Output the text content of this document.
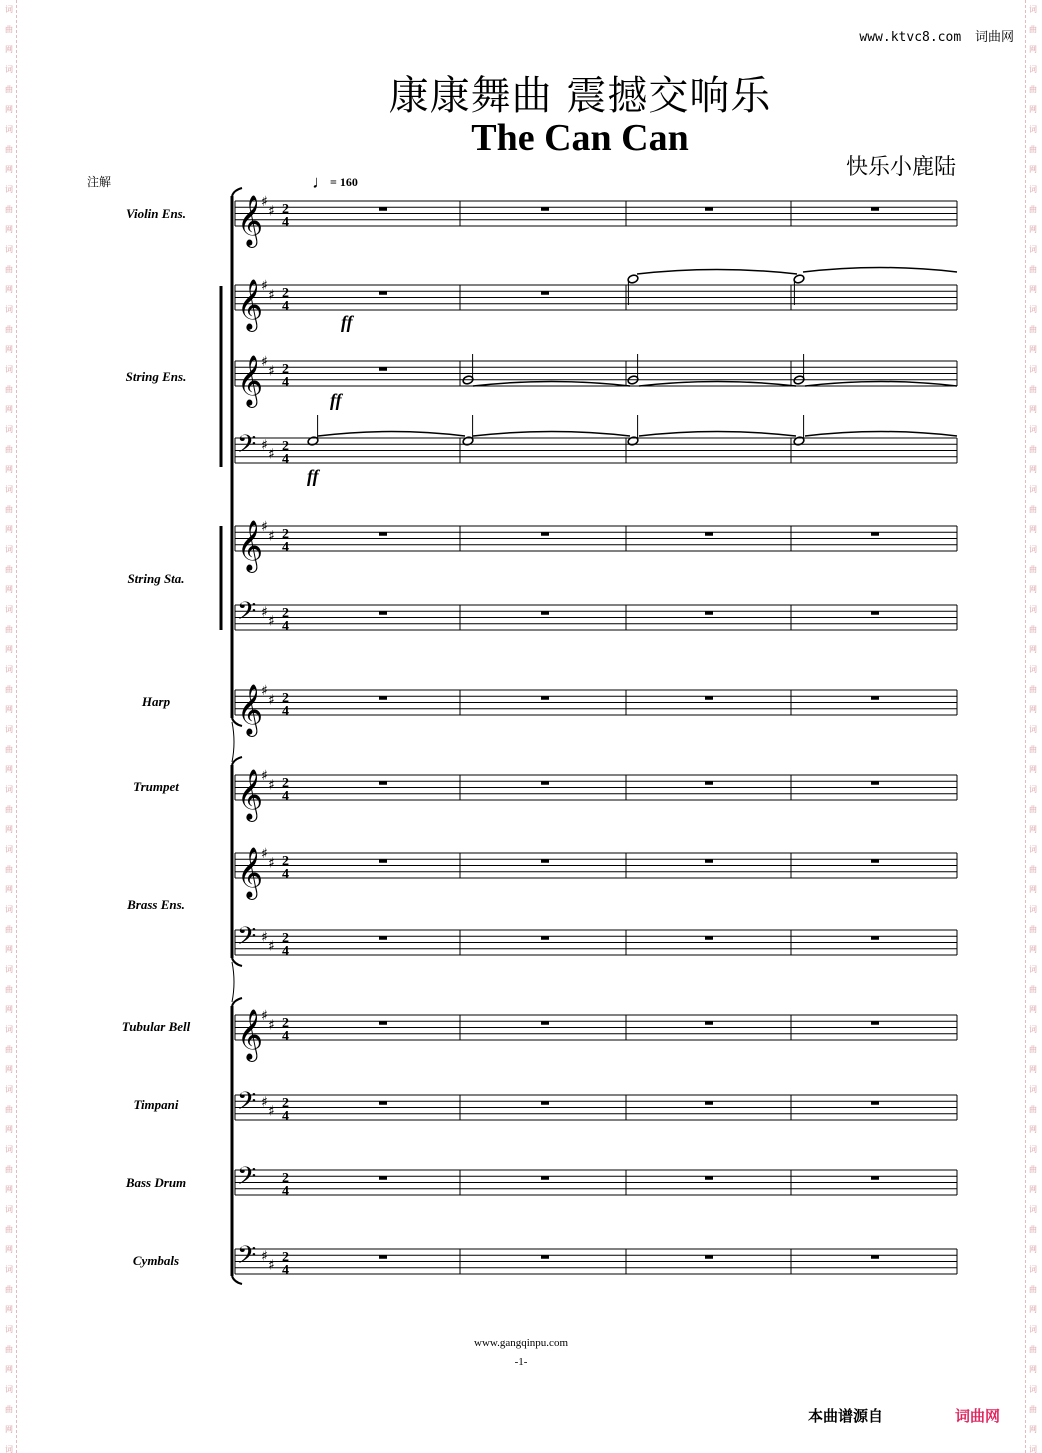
词
曲
网
词
曲
网
词
曲
网
词
曲
网
词
曲
网
词
曲
网
词
曲
网
词
曲
网
词
曲
网
词
曲
网
词
曲
网
词
曲
网
词
曲
网
词
曲
网
词
曲
网
词
曲
网
词
曲
网
词
曲
网
词
曲
网
词
曲
网
词
曲
网
词
曲
网
词
曲
网
词
曲
网
词
词
曲
网
词
曲
网
词
曲
网
词
曲
网
词
曲
网
词
曲
网
词
曲
网
词
曲
网
词
曲
网
词
曲
网
词
曲
网
词
曲
网
词
曲
网
词
曲
网
词
曲
网
词
曲
网
词
曲
网
词
曲
网
词
曲
网
词
曲
网
词
曲
网
词
曲
网
词
曲
网
词
曲
网
词
www.ktvc8.com 词曲网
康康舞曲 震撼交响乐
The Can Can
快乐小鹿陆
注解	♩= 160
Violin Ens.
String Ens.
String Sta.
Harp
Trumpet
Brass Ens.
Tubular Bell
Timpani
Bass Drum
Cymbals
𝄞
♯
♯ 2
4
𝄞
♯
♯ 2
4
𝄞
♯
♯ 2
4
𝄢 ♯
♯
2
4
𝄞
♯
♯ 2
4
𝄢 ♯
♯
2
4
𝄞
♯
♯ 2
4
𝄞
♯
♯ 2
4
𝄞
♯
♯ 2
4
𝄢 ♯
♯
2
4
𝄞
♯
♯ 2
4
𝄢 ♯
♯
2
4
𝄢 2
4
𝄢 ♯
♯
2
4
ff
ff
ff
www.gangqinpu.com
-1-
本曲谱源自	词曲网
